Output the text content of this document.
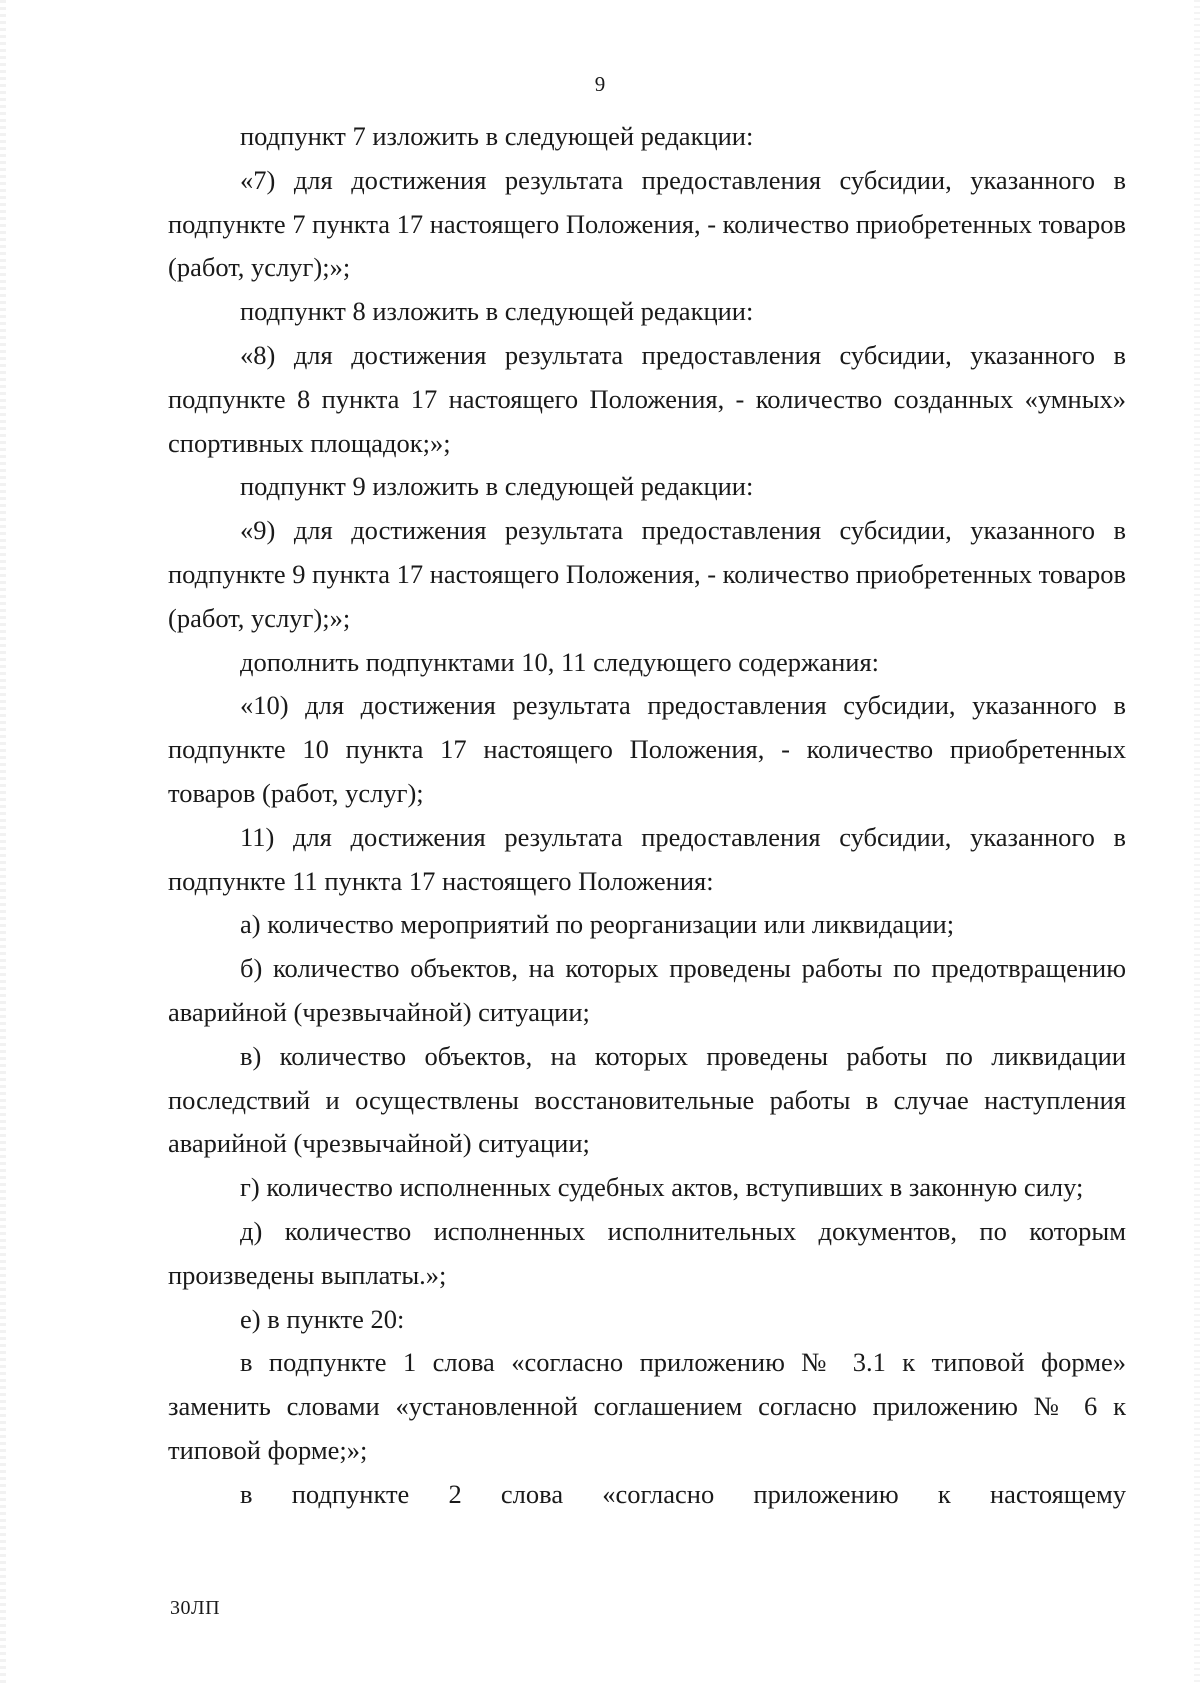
9

подпункт 7 изложить в следующей редакции:

«7) для достижения результата предоставления субсидии, указанного в подпункте 7 пункта 17 настоящего Положения, - количество приобретенных товаров (работ, услуг);»;

подпункт 8 изложить в следующей редакции:

«8) для достижения результата предоставления субсидии, указанного в подпункте 8 пункта 17 настоящего Положения, - количество созданных «умных» спортивных площадок;»;

подпункт 9 изложить в следующей редакции:

«9) для достижения результата предоставления субсидии, указанного в подпункте 9 пункта 17 настоящего Положения, - количество приобретенных товаров (работ, услуг);»;

дополнить подпунктами 10, 11 следующего содержания:

«10) для достижения результата предоставления субсидии, указанного в подпункте 10 пункта 17 настоящего Положения, - количество приобретенных товаров (работ, услуг);

11) для достижения результата предоставления субсидии, указанного в подпункте 11 пункта 17 настоящего Положения:

а) количество мероприятий по реорганизации или ликвидации;

б) количество объектов, на которых проведены работы по предотвращению аварийной (чрезвычайной) ситуации;

в) количество объектов, на которых проведены работы по ликвидации последствий и осуществлены восстановительные работы в случае наступления аварийной (чрезвычайной) ситуации;

г) количество исполненных судебных актов, вступивших в законную силу;

д) количество исполненных исполнительных документов, по которым произведены выплаты.»;

е) в пункте 20:

в подпункте 1 слова «согласно приложению № 3.1 к типовой форме» заменить словами «установленной соглашением согласно приложению № 6 к типовой форме;»;

в подпункте 2 слова «согласно приложению к настоящему

30ЛП
